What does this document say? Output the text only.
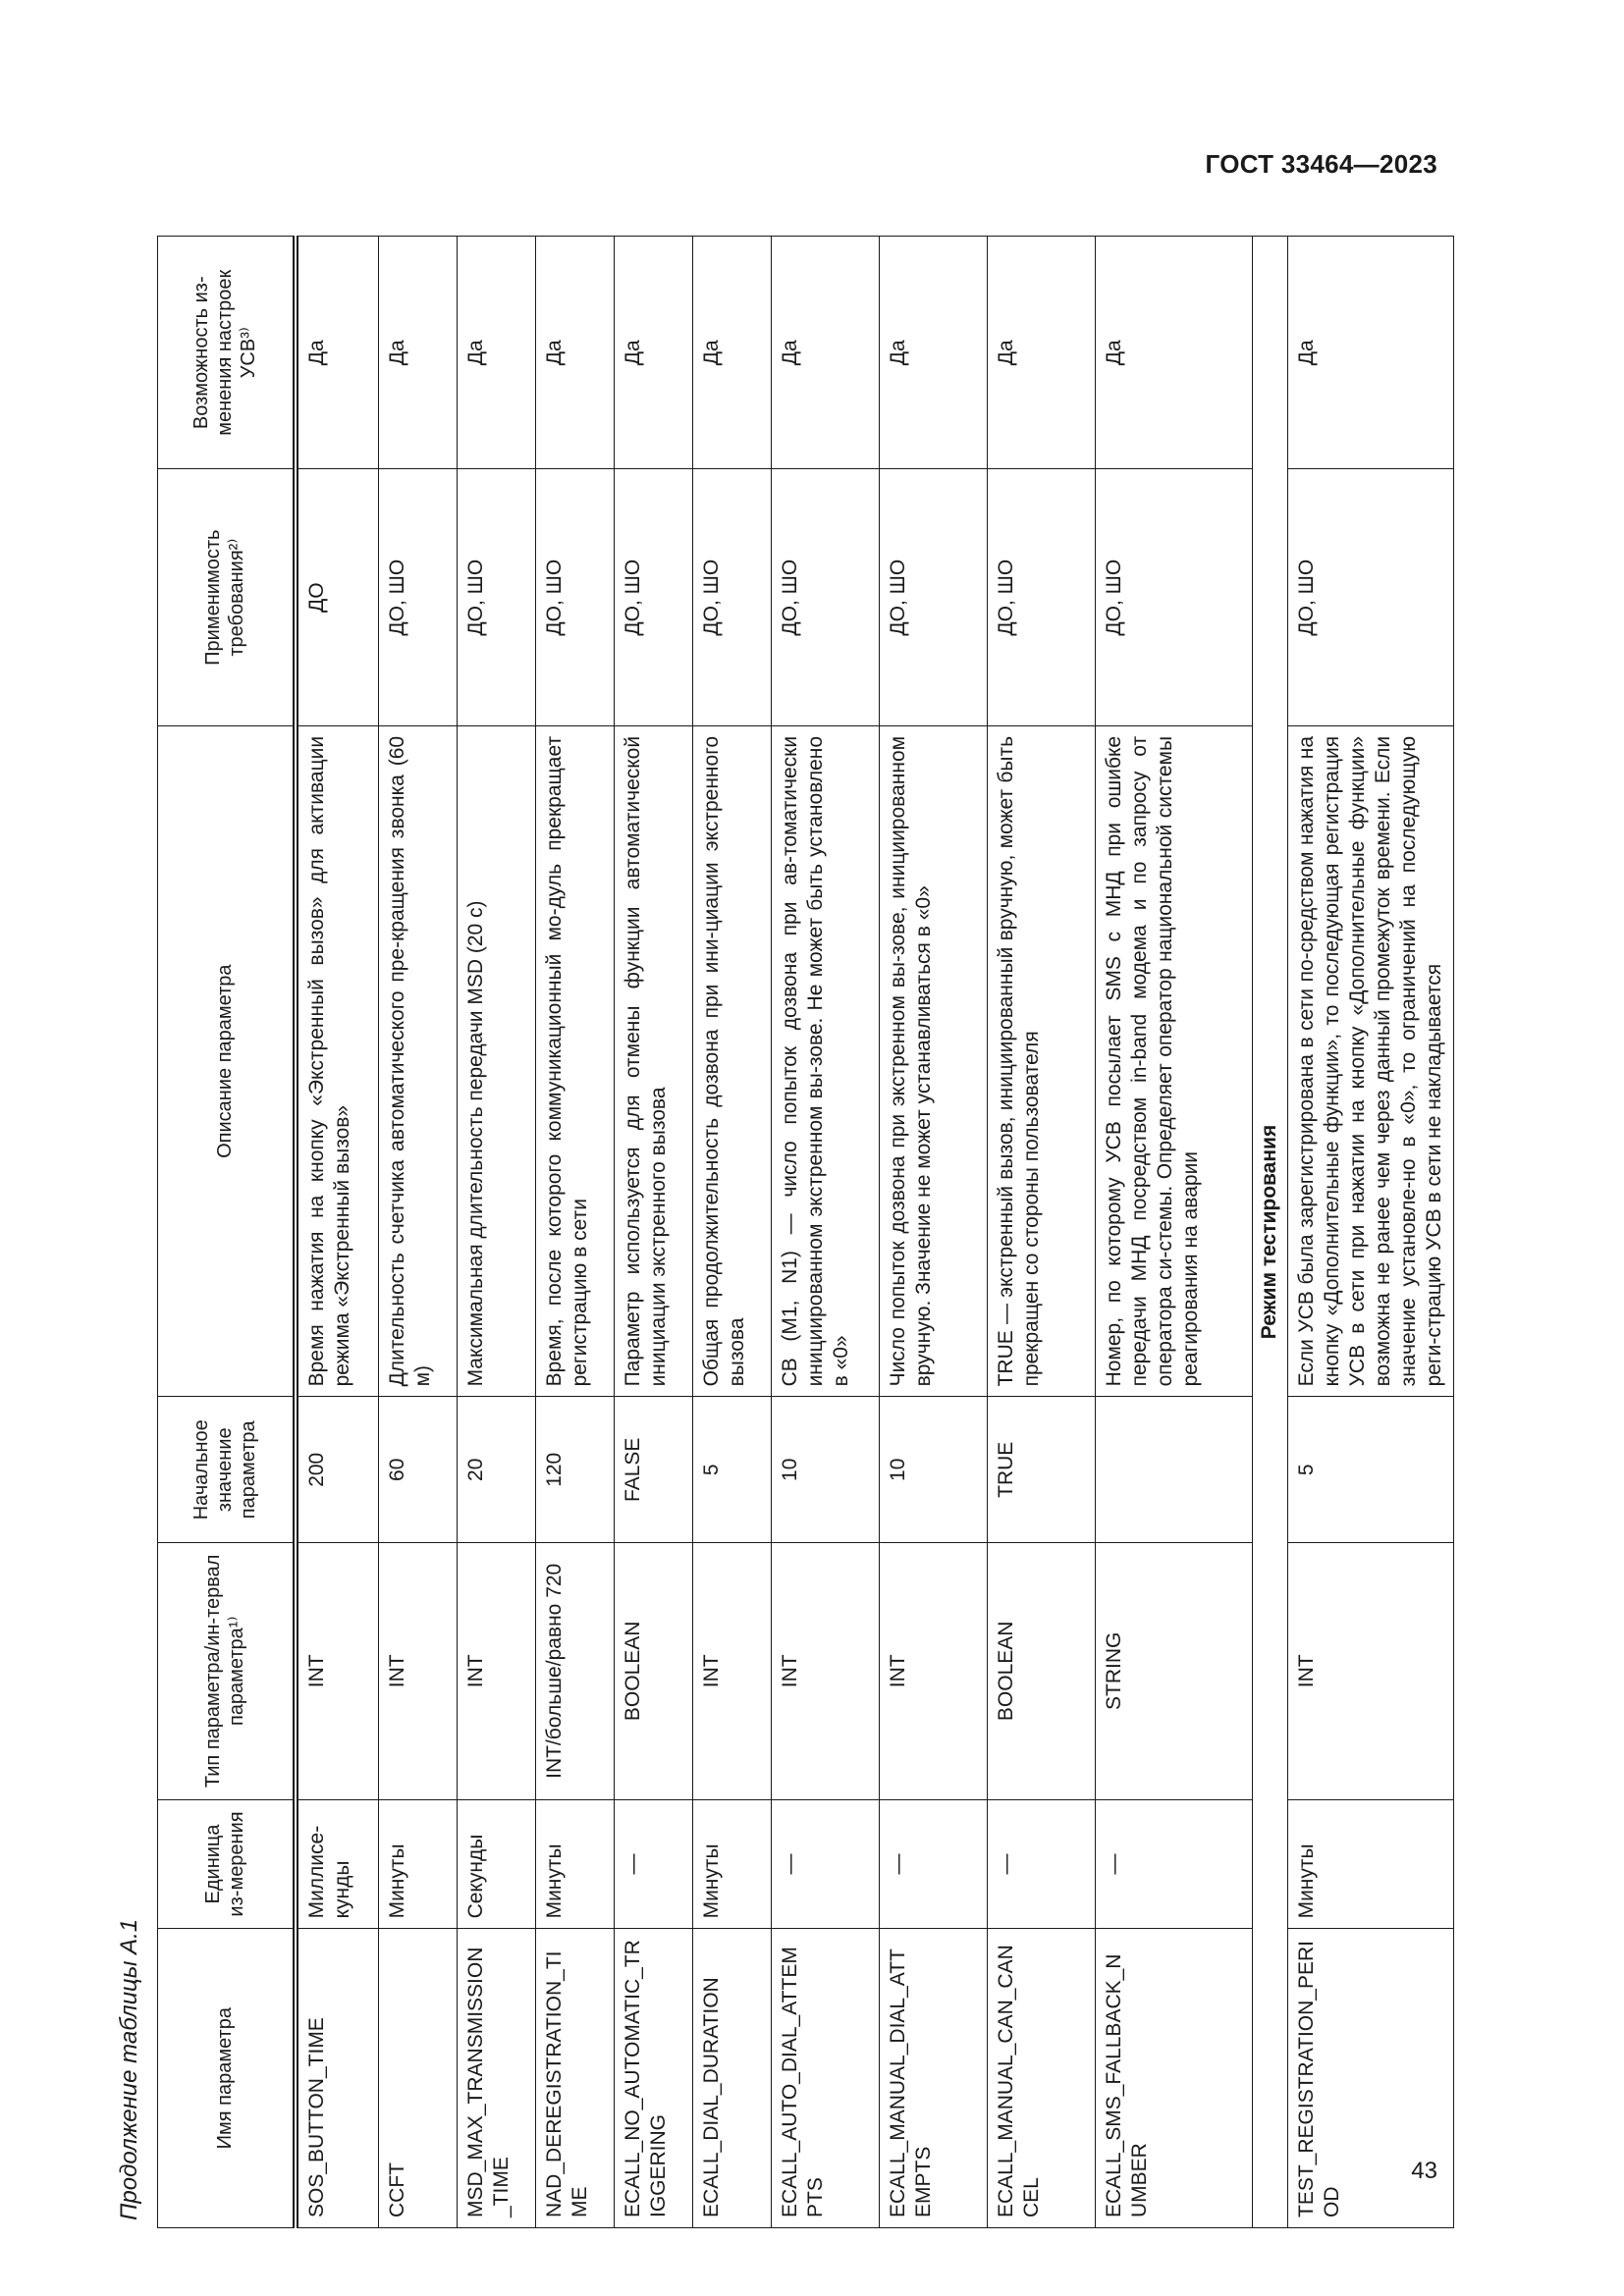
ГОСТ 33464—2023
Продолжение таблицы А.1	Имя параметра	Единица из-мерения	Тип параметра/ин-тервал параметра¹⁾	Начальное значение параметра	Описание параметра	Применимость требования²⁾	Возможность из-менения настроек УСВ³⁾
SOS_BUTTON_TIME	Миллисе-кунды	INT	200	Время нажатия на кнопку «Экстренный вызов» для активации режима «Экстренный вызов»	ДО	Да
CCFT	Минуты	INT	60	Длительность счетчика автоматического пре-кращения звонка (60 м)	ДО, ШО	Да
MSD_MAX_TRANSMISSION_TIME	Секунды	INT	20	Максимальная длительность передачи MSD (20 с)	ДО, ШО	Да
NAD_DEREGISTRATION_TIME	Минуты	INT/больше/равно 720	120	Время, после которого коммуникационный мо-дуль прекращает регистрацию в сети	ДО, ШО	Да
ECALL_NO_AUTOMATIC_TRIGGERING	—	BOOLEAN	FALSE	Параметр используется для отмены функции автоматической инициации экстренного вызова	ДО, ШО	Да
ECALL_DIAL_DURATION	Минуты	INT	5	Общая продолжительность дозвона при ини-циации экстренного вызова	ДО, ШО	Да
ECALL_AUTO_DIAL_ATTEMPTS	—	INT	10	CB (M1, N1) — число попыток дозвона при ав-томатически инициированном экстренном вы-зове. Не может быть установлено в «0»	ДО, ШО	Да
ECALL_MANUAL_DIAL_ATTEMPTS	—	INT	10	Число попыток дозвона при экстренном вы-зове, инициированном вручную. Значение не может устанавливаться в «0»	ДО, ШО	Да
ECALL_MANUAL_CAN_CANCEL	—	BOOLEAN	TRUE	TRUE — экстренный вызов, инициированный вручную, может быть прекращен со стороны пользователя	ДО, ШО	Да
ECALL_SMS_FALLBACK_NUMBER	—	STRING		Номер, по которому УСВ посылает SMS с МНД при ошибке передачи МНД посредством in-band модема и по запросу от оператора си-стемы. Определяет оператор национальной системы реагирования на аварии	ДО, ШО	Да
Режим тестирования						
TEST_REGISTRATION_PERIOD	Минуты	INT	5	Если УСВ была зарегистрирована в сети по-средством нажатия на кнопку «Дополнительные функции», то последующая регистрация УСВ в сети при нажатии на кнопку «Дополнительные функции» возможна не ранее чем через данный промежуток времени. Если значение установле-но в «0», то ограничений на последующую реги-страцию УСВ в сети не накладывается	ДО, ШО	Да
43
